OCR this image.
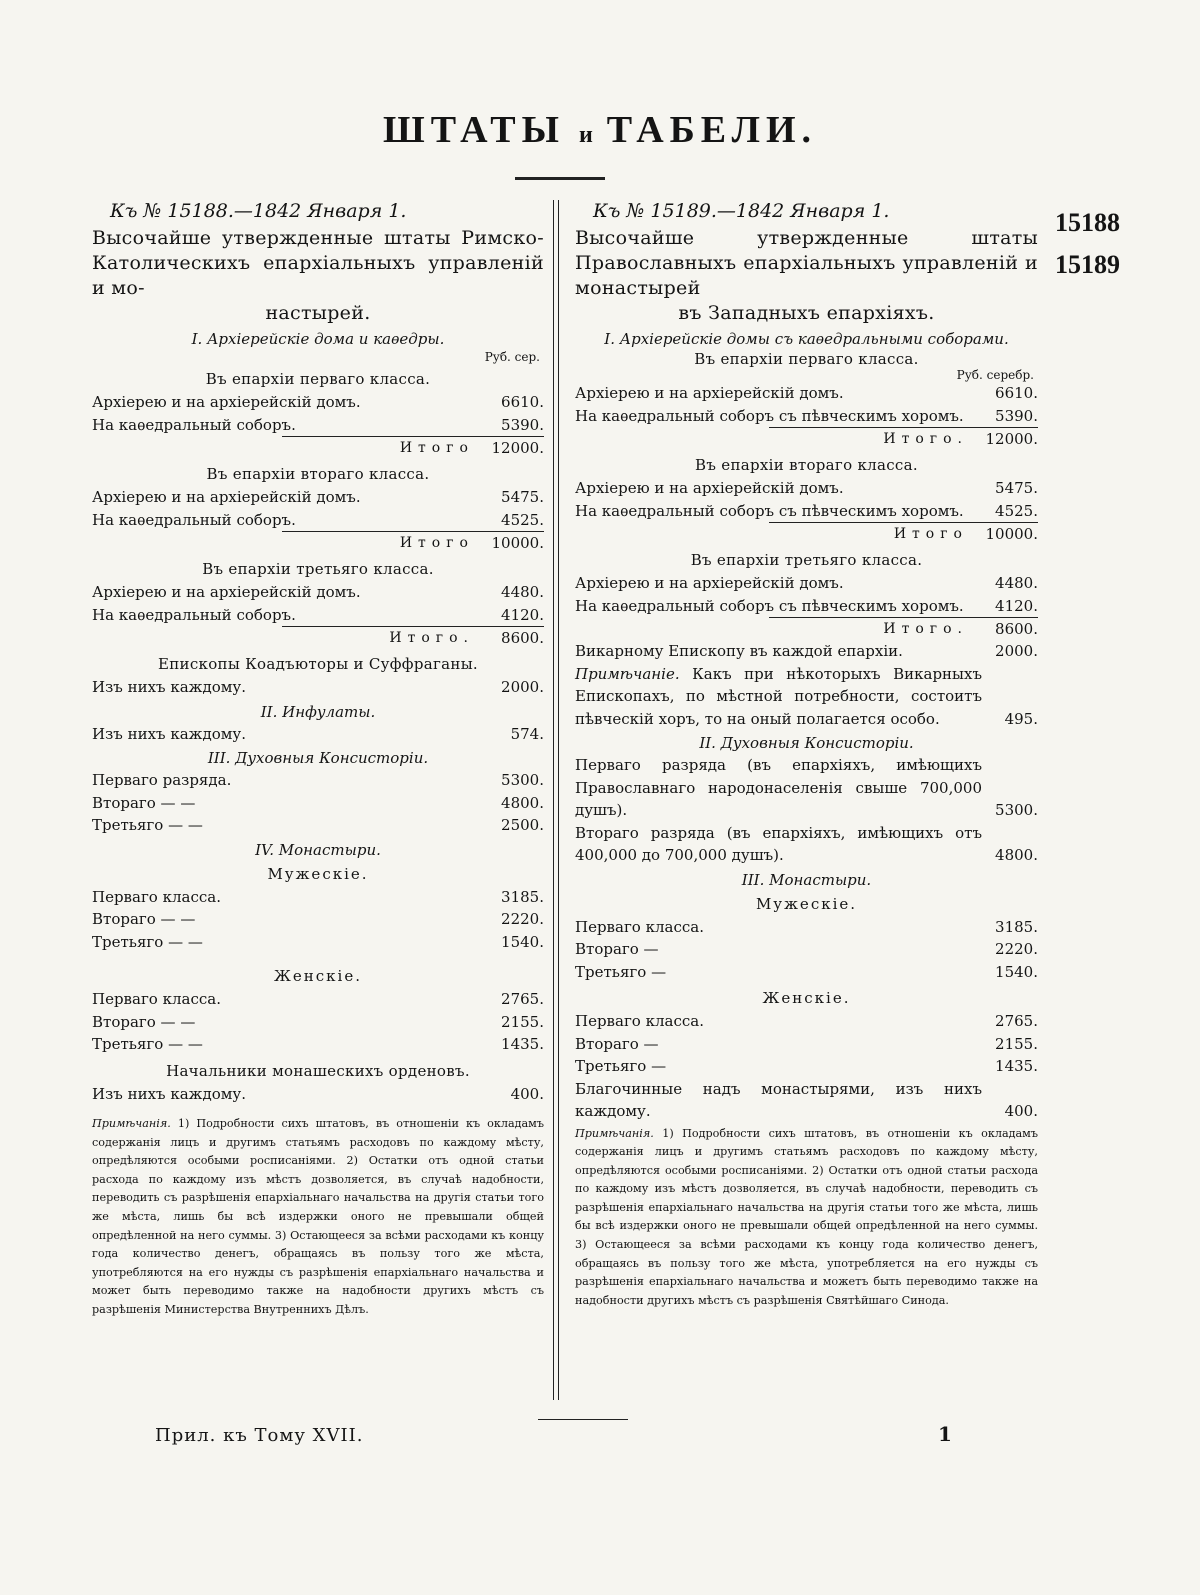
ШТАТЫ и ТАБЕЛИ.
15188
15189
Къ № 15188.—1842 Января 1.
Высочайше утвержденные штаты Римско-Католическихъ епархіальныхъ управленій и мо-
настырей.
I. Архіерейскіе дома и каѳедры.
Руб. сер.
Въ епархіи перваго класса.
Архіерею и на архіерейскій домъ.	6610.
На каѳедральный соборъ.	5390.
Итого	12000.
Въ епархіи втораго класса.
Архіерею и на архіерейскій домъ.	5475.
На каѳедральный соборъ.	4525.
Итого	10000.
Въ епархіи третьяго класса.
Архіерею и на архіерейскій домъ.	4480.
На каѳедральный соборъ.	4120.
Итого.	8600.
Епископы Коадъюторы и Суффраганы.
Изъ нихъ каждому.	2000.
II. Инфулаты.
Изъ нихъ каждому.	574.
III. Духовныя Консисторіи.
Перваго разряда.	5300.
Втораго — —	4800.
Третьяго — —	2500.
IV. Монастыри.
Мужескіе.
Перваго класса.	3185.
Втораго — —	2220.
Третьяго — —	1540.
Женскіе.
Перваго класса.	2765.
Втораго — —	2155.
Третьяго — —	1435.
Начальники монашескихъ орденовъ.
Изъ нихъ каждому.	400.
Примѣчанія. 1) Подробности сихъ штатовъ, въ отношеніи къ окладамъ содержанія лицъ и другимъ статьямъ расходовъ по каждому мѣсту, опредѣляются особыми росписаніями. 2) Остатки отъ одной статьи расхода по каждому изъ мѣстъ дозволяется, въ случаѣ надобности, переводить съ разрѣшенія епархіальнаго начальства на другія статьи того же мѣста, лишь бы всѣ издержки оного не превышали общей опредѣленной на него суммы. 3) Остающееся за всѣми расходами къ концу года количество денегъ, обращаясь въ пользу того же мѣста, употребляются на его нужды съ разрѣшенія епархіальнаго начальства и может быть переводимо также на надобности другихъ мѣстъ съ разрѣшенія Министерства Внутреннихъ Дѣлъ.
Къ № 15189.—1842 Января 1.
Высочайше утвержденные штаты Православныхъ епархіальныхъ управленій и монастырей
въ Западныхъ епархіяхъ.
I. Архіерейскіе домы съ каѳедральными соборами.
Въ епархіи перваго класса.
Руб. серебр.
Архіерею и на архіерейскій домъ.	6610.
На каѳедральный соборъ съ пѣвческимъ хоромъ.	5390.
Итого.	12000.
Въ епархіи втораго класса.
Архіерею и на архіерейскій домъ.	5475.
На каѳедральный соборъ съ пѣвческимъ хоромъ.	4525.
Итого	10000.
Въ епархіи третьяго класса.
Архіерею и на архіерейскій домъ.	4480.
На каѳедральный соборъ съ пѣвческимъ хоромъ.	4120.
Итого.	8600.
Викарному Епископу въ каждой епархіи.	2000.
Примѣчаніе. Какъ при нѣкоторыхъ Викарныхъ Епископахъ, по мѣстной потребности, состоитъ пѣвческій хоръ, то на оный полагается особо.	495.
II. Духовныя Консисторіи.
Перваго разряда (въ епархіяхъ, имѣющихъ Православнаго народонаселенія свыше 700,000 душъ).	5300.
Втораго разряда (въ епархіяхъ, имѣющихъ отъ 400,000 до 700,000 душъ).	4800.
III. Монастыри.
Мужескіе.
Перваго класса.	3185.
Втораго —	2220.
Третьяго —	1540.
Женскіе.
Перваго класса.	2765.
Втораго —	2155.
Третьяго —	1435.
Благочинные надъ монастырями, изъ нихъ каждому.	400.
Примѣчанія. 1) Подробности сихъ штатовъ, въ отношеніи къ окладамъ содержанія лицъ и другимъ статьямъ расходовъ по каждому мѣсту, опредѣляются особыми росписаніями. 2) Остатки отъ одной статьи расхода по каждому изъ мѣстъ дозволяется, въ случаѣ надобности, переводить съ разрѣшенія епархіальнаго начальства на другія статьи того же мѣста, лишь бы всѣ издержки оного не превышали общей опредѣленной на него суммы. 3) Остающееся за всѣми расходами къ концу года количество денегъ, обращаясь въ пользу того же мѣста, употребляется на его нужды съ разрѣшенія епархіальнаго начальства и можетъ быть переводимо также на надобности другихъ мѣстъ съ разрѣшенія Святѣйшаго Синода.
Прил. къ Тому XVII.	1
